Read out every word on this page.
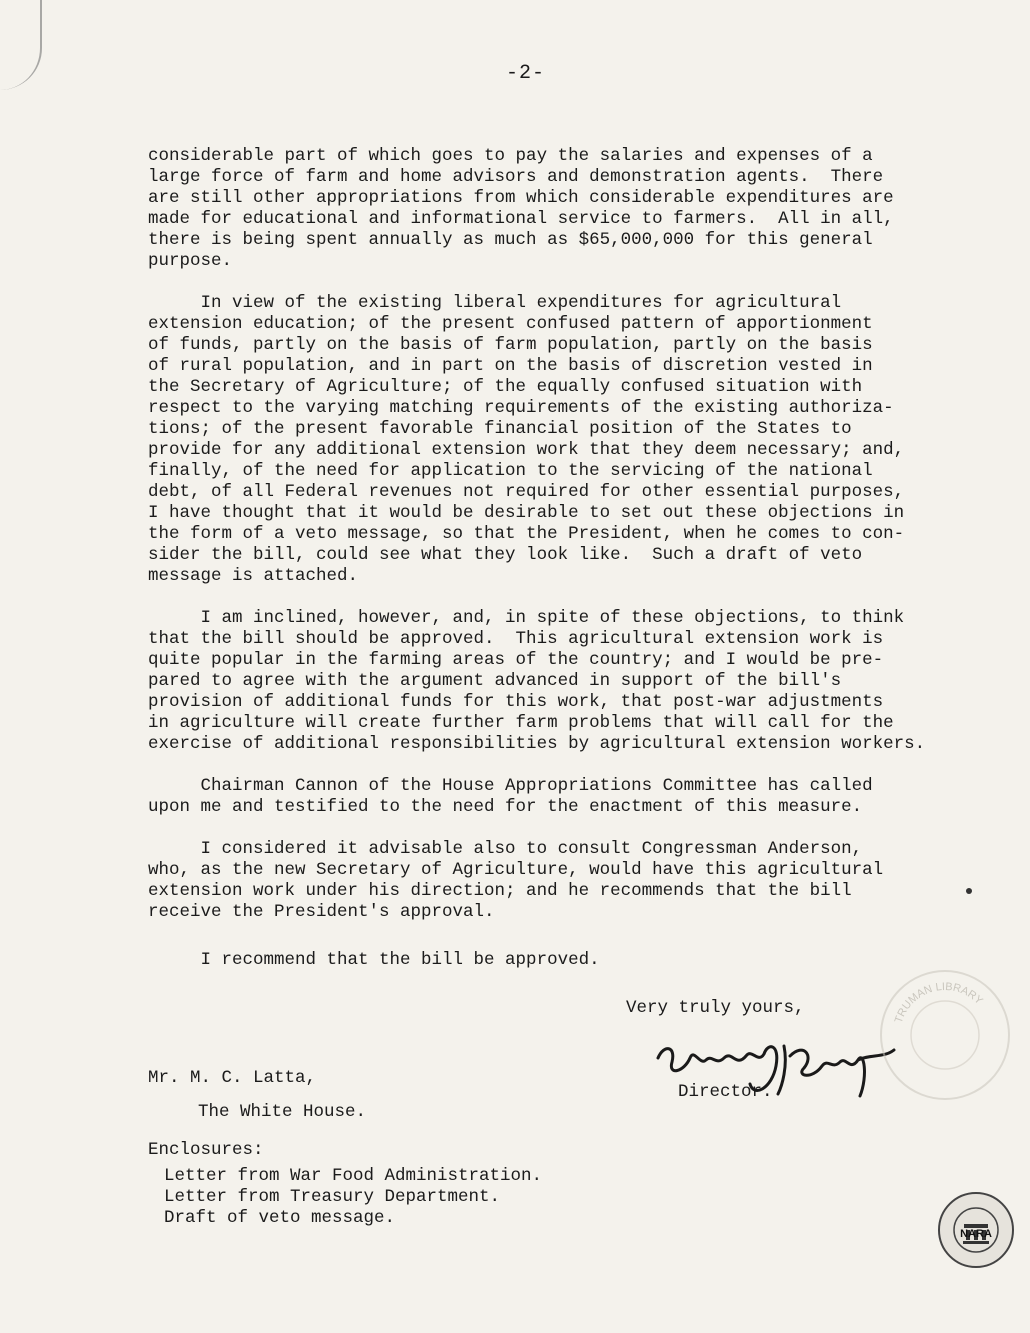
-2-
considerable part of which goes to pay the salaries and expenses of a
large force of farm and home advisors and demonstration agents.  There
are still other appropriations from which considerable expenditures are
made for educational and informational service to farmers.  All in all,
there is being spent annually as much as $65,000,000 for this general
purpose.
In view of the existing liberal expenditures for agricultural
extension education; of the present confused pattern of apportionment
of funds, partly on the basis of farm population, partly on the basis
of rural population, and in part on the basis of discretion vested in
the Secretary of Agriculture; of the equally confused situation with
respect to the varying matching requirements of the existing authoriza-
tions; of the present favorable financial position of the States to
provide for any additional extension work that they deem necessary; and,
finally, of the need for application to the servicing of the national
debt, of all Federal revenues not required for other essential purposes,
I have thought that it would be desirable to set out these objections in
the form of a veto message, so that the President, when he comes to con-
sider the bill, could see what they look like.  Such a draft of veto
message is attached.
I am inclined, however, and, in spite of these objections, to think
that the bill should be approved.  This agricultural extension work is
quite popular in the farming areas of the country; and I would be pre-
pared to agree with the argument advanced in support of the bill's
provision of additional funds for this work, that post-war adjustments
in agriculture will create further farm problems that will call for the
exercise of additional responsibilities by agricultural extension workers.
Chairman Cannon of the House Appropriations Committee has called
upon me and testified to the need for the enactment of this measure.
I considered it advisable also to consult Congressman Anderson,
who, as the new Secretary of Agriculture, would have this agricultural
extension work under his direction; and he recommends that the bill
receive the President's approval.
I recommend that the bill be approved.
Very truly yours,
Director.
Mr. M. C. Latta,
The White House.
Enclosures:
Letter from War Food Administration.
Letter from Treasury Department.
Draft of veto message.
TRUMAN LIBRARY
NARA
